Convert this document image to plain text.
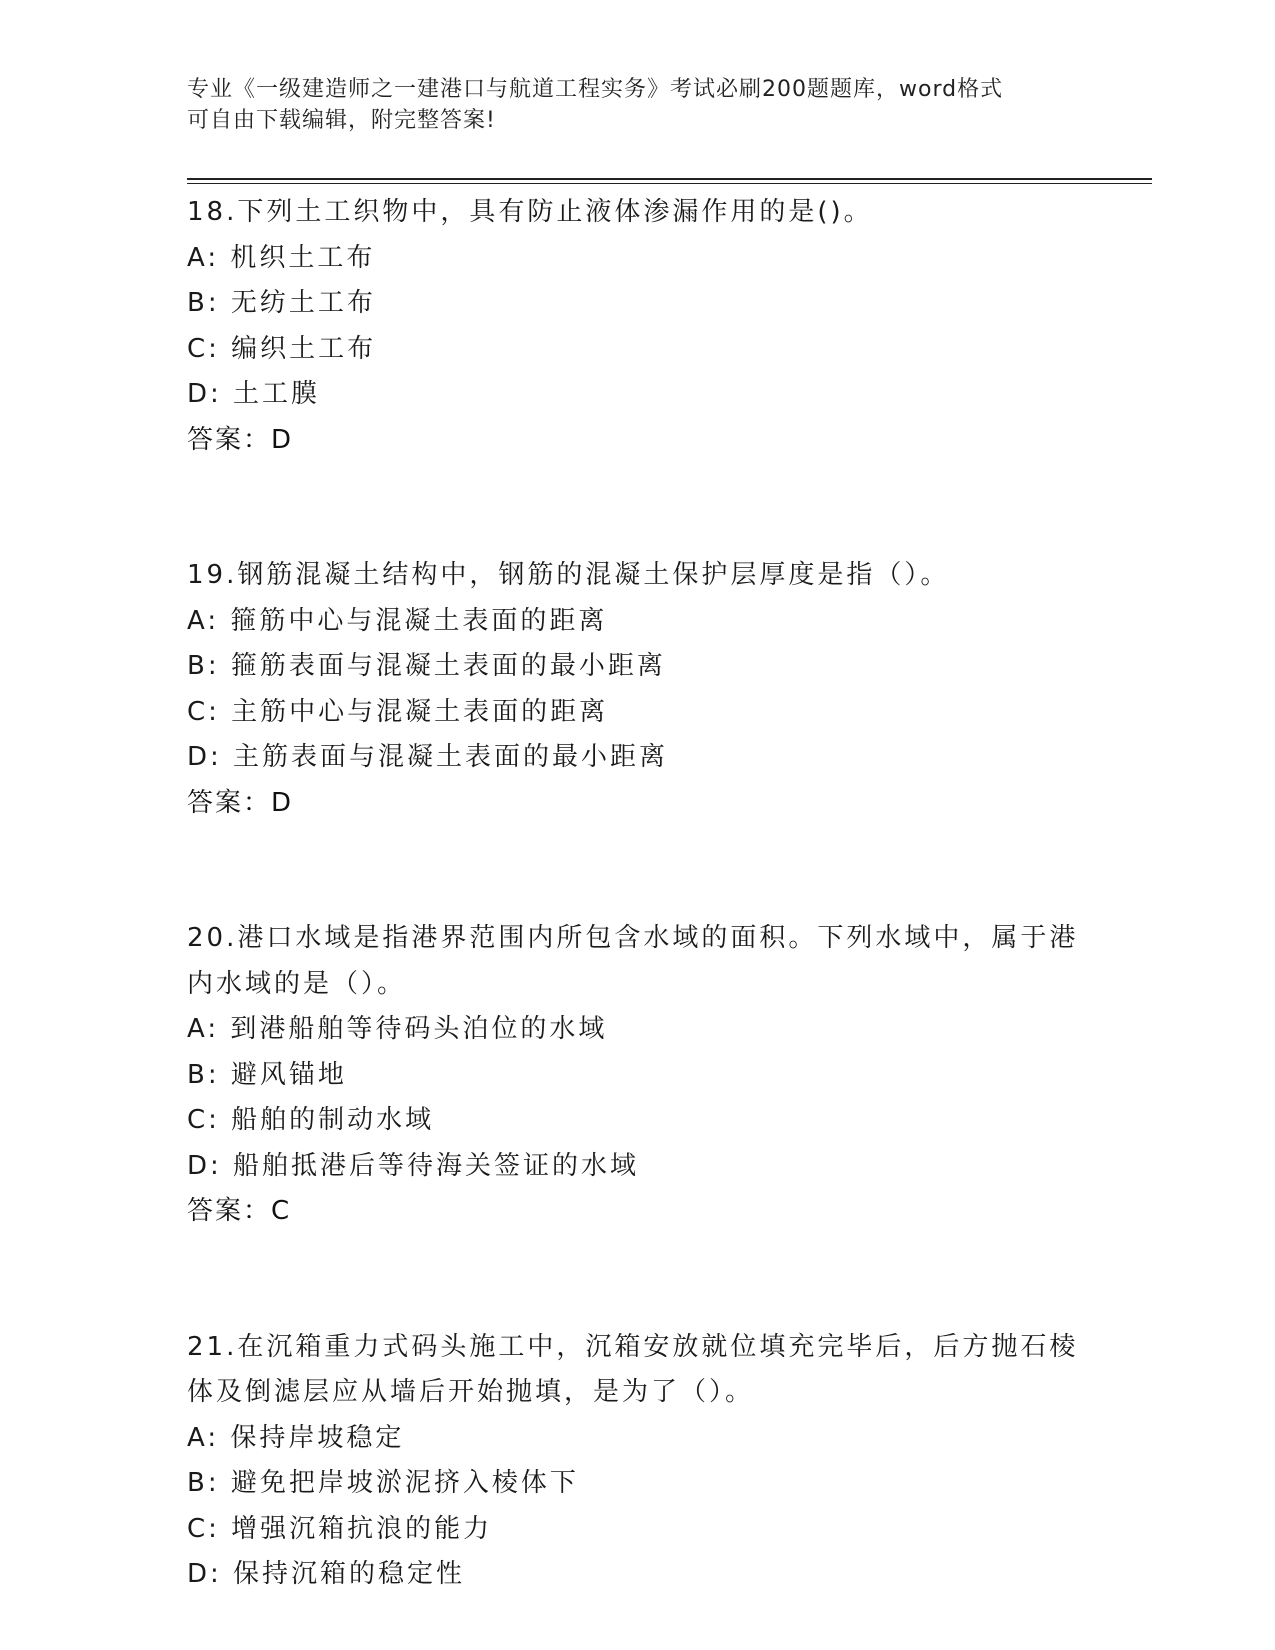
专业《一级建造师之一建港口与航道工程实务》考试必刷200题题库，word格式
可自由下载编辑，附完整答案!
18.下列土工织物中，具有防止液体渗漏作用的是()。
A: 机织土工布
B: 无纺土工布
C: 编织土工布
D: 土工膜
答案：D
19.钢筋混凝土结构中，钢筋的混凝土保护层厚度是指（）。
A: 箍筋中心与混凝土表面的距离
B: 箍筋表面与混凝土表面的最小距离
C: 主筋中心与混凝土表面的距离
D: 主筋表面与混凝土表面的最小距离
答案：D
20.港口水域是指港界范围内所包含水域的面积。下列水域中，属于港
内水域的是（）。
A: 到港船舶等待码头泊位的水域
B: 避风锚地
C: 船舶的制动水域
D: 船舶抵港后等待海关签证的水域
答案：C
21.在沉箱重力式码头施工中，沉箱安放就位填充完毕后，后方抛石棱
体及倒滤层应从墙后开始抛填，是为了（）。
A: 保持岸坡稳定
B: 避免把岸坡淤泥挤入棱体下
C: 增强沉箱抗浪的能力
D: 保持沉箱的稳定性
